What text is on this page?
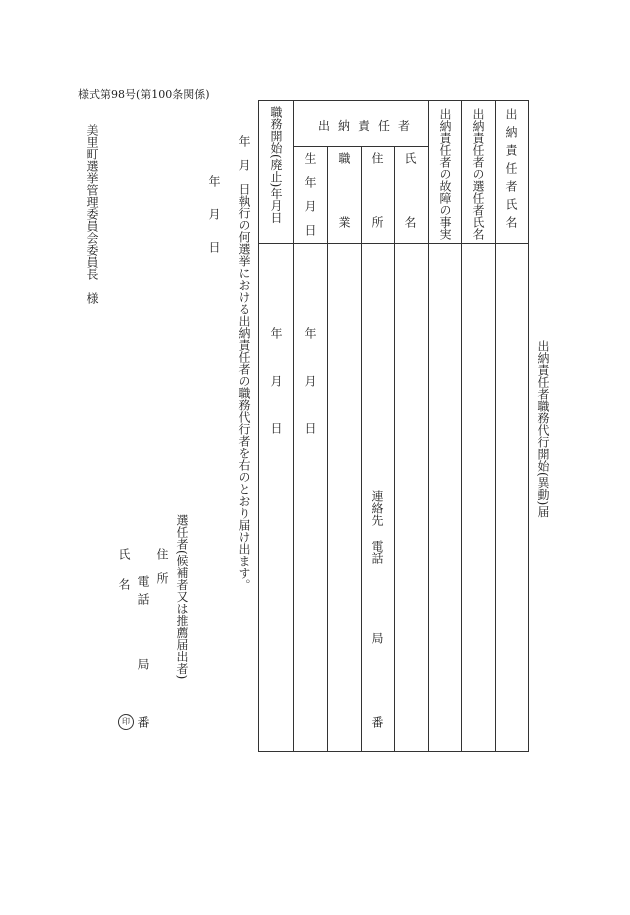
様式第98号(第100条関係)
出納責任者職務代行開始(異動)届
出納責任者氏名
出納責任者の選任者氏名
出納責任者の故障の事実
出納責任者
氏名
住所
職業
生年月日
職務開始(廃止)年月日
年
月
日
年
月
日
連絡先
電話
局
番
年　月　日執行の何選挙における出納責任者の職務代行者を右のとおり届け出ます。
年
月
日
選任者(候補者又は推薦届出者)
住所
電話
局
氏名
印 番
美里町選挙管理委員会委員長
様
